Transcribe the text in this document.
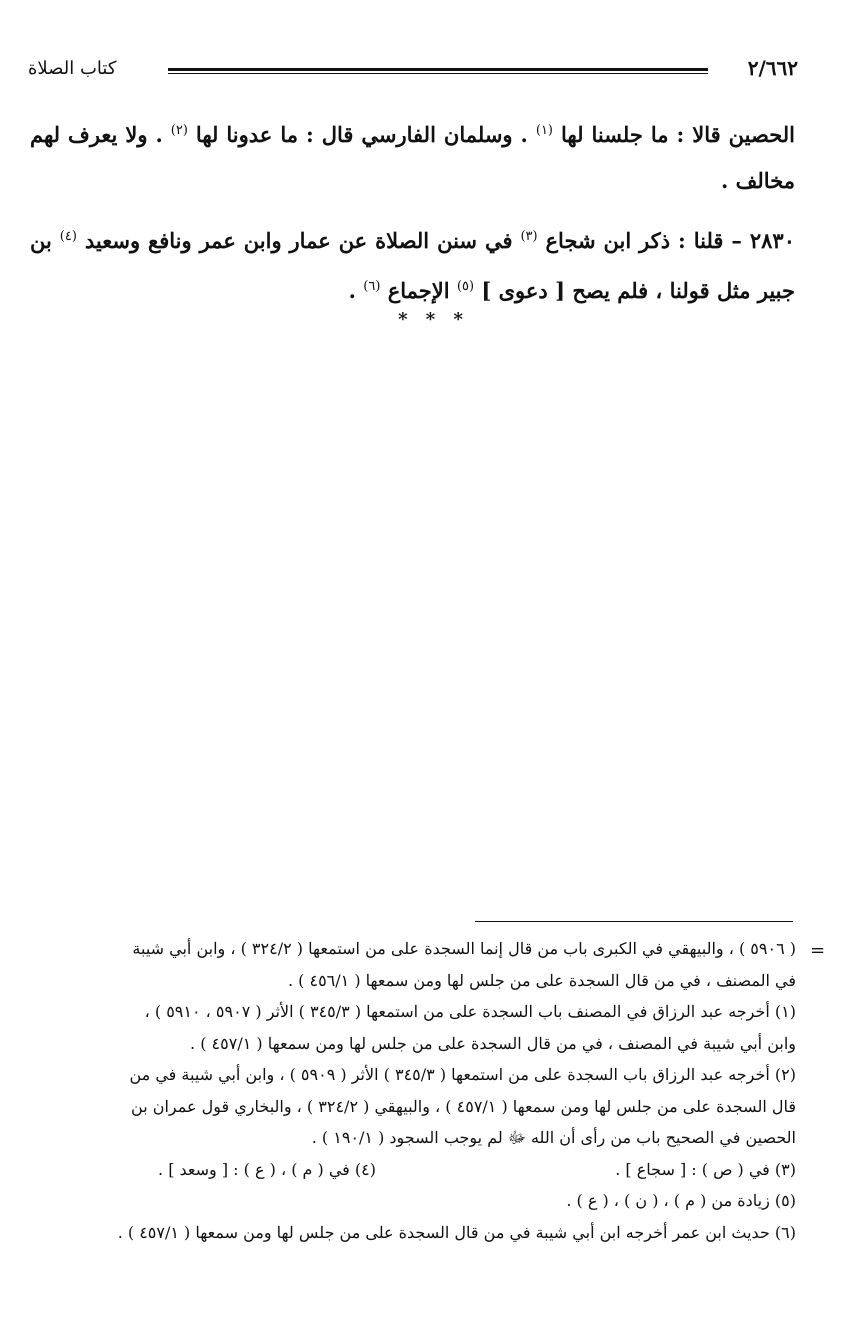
٢/٦٦٢
كتاب الصلاة

الحصين قالا : ما جلسنا لها $^{(١)}$ . وسلمان الفارسي قال : ما عدونا لها $^{(٢)}$ . ولا يعرف لهم مخالف .

٢٨٣٠ – قلنا : ذكر ابن شجاع $^{(٣)}$ في سنن الصلاة عن عمار وابن عمر ونافع وسعيد $^{(٤)}$ بن جبير مثل قولنا ، فلم يصح [ دعوى ] $^{(٥)}$ الإجماع $^{(٦)}$ .

* * *
=

( ٥٩٠٦ ) ، والبيهقي في الكبرى باب من قال إنما السجدة على من استمعها ( ٣٢٤/٢ ) ، وابن أبي شيبة

في المصنف ، في من قال السجدة على من جلس لها ومن سمعها ( ٤٥٦/١ ) .

(١) أخرجه عبد الرزاق في المصنف باب السجدة على من استمعها ( ٣٤٥/٣ ) الأثر ( ٥٩٠٧ ، ٥٩١٠ ) ،

وابن أبي شيبة في المصنف ، في من قال السجدة على من جلس لها ومن سمعها ( ٤٥٧/١ ) .

(٢) أخرجه عبد الرزاق باب السجدة على من استمعها ( ٣٤٥/٣ ) الأثر ( ٥٩٠٩ ) ، وابن أبي شيبة في من

قال السجدة على من جلس لها ومن سمعها ( ٤٥٧/١ ) ، والبيهقي ( ٣٢٤/٢ ) ، والبخاري قول عمران بن

الحصين في الصحيح باب من رأى أن الله ﷻ لم يوجب السجود ( ١٩٠/١ ) .

(٣) في ( ص ) : [ سجاع ] .
(٤) في ( م ) ، ( ع ) : [ وسعد ] .

(٥) زيادة من ( م ) ، ( ن ) ، ( ع ) .

(٦) حديث ابن عمر أخرجه ابن أبي شيبة في من قال السجدة على من جلس لها ومن سمعها ( ٤٥٧/١ ) .
